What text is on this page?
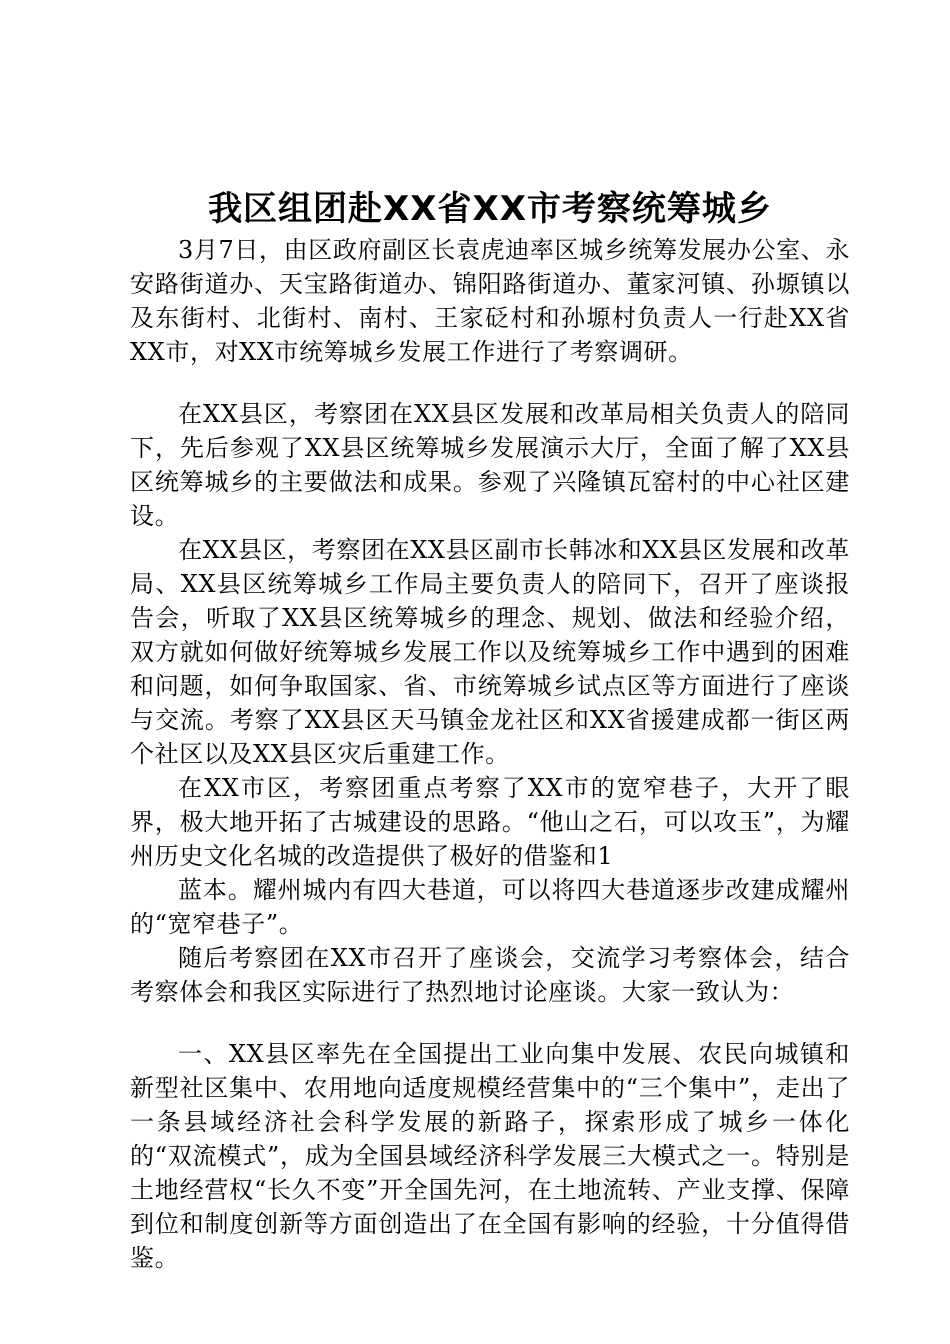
我区组团赴XX省XX市考察统筹城乡

3月7日，由区政府副区长袁虎迪率区城乡统筹发展办公室、永安路街道办、天宝路街道办、锦阳路街道办、董家河镇、孙塬镇以及东街村、北街村、南村、王家砭村和孙塬村负责人一行赴XX省XX市，对XX市统筹城乡发展工作进行了考察调研。

在XX县区，考察团在XX县区发展和改革局相关负责人的陪同下，先后参观了XX县区统筹城乡发展演示大厅，全面了解了XX县区统筹城乡的主要做法和成果。参观了兴隆镇瓦窑村的中心社区建设。

在XX县区，考察团在XX县区副市长韩冰和XX县区发展和改革局、XX县区统筹城乡工作局主要负责人的陪同下，召开了座谈报告会，听取了XX县区统筹城乡的理念、规划、做法和经验介绍，双方就如何做好统筹城乡发展工作以及统筹城乡工作中遇到的困难和问题，如何争取国家、省、市统筹城乡试点区等方面进行了座谈与交流。考察了XX县区天马镇金龙社区和XX省援建成都一街区两个社区以及XX县区灾后重建工作。

在XX市区，考察团重点考察了XX市的宽窄巷子，大开了眼界，极大地开拓了古城建设的思路。“他山之石，可以攻玉”，为耀州历史文化名城的改造提供了极好的借鉴和1

蓝本。耀州城内有四大巷道，可以将四大巷道逐步改建成耀州的“宽窄巷子”。

随后考察团在XX市召开了座谈会，交流学习考察体会，结合考察体会和我区实际进行了热烈地讨论座谈。大家一致认为：

一、XX县区率先在全国提出工业向集中发展、农民向城镇和新型社区集中、农用地向适度规模经营集中的“三个集中”，走出了一条县域经济社会科学发展的新路子，探索形成了城乡一体化的“双流模式”，成为全国县域经济科学发展三大模式之一。特别是土地经营权“长久不变”开全国先河，在土地流转、产业支撑、保障到位和制度创新等方面创造出了在全国有影响的经验，十分值得借鉴。
